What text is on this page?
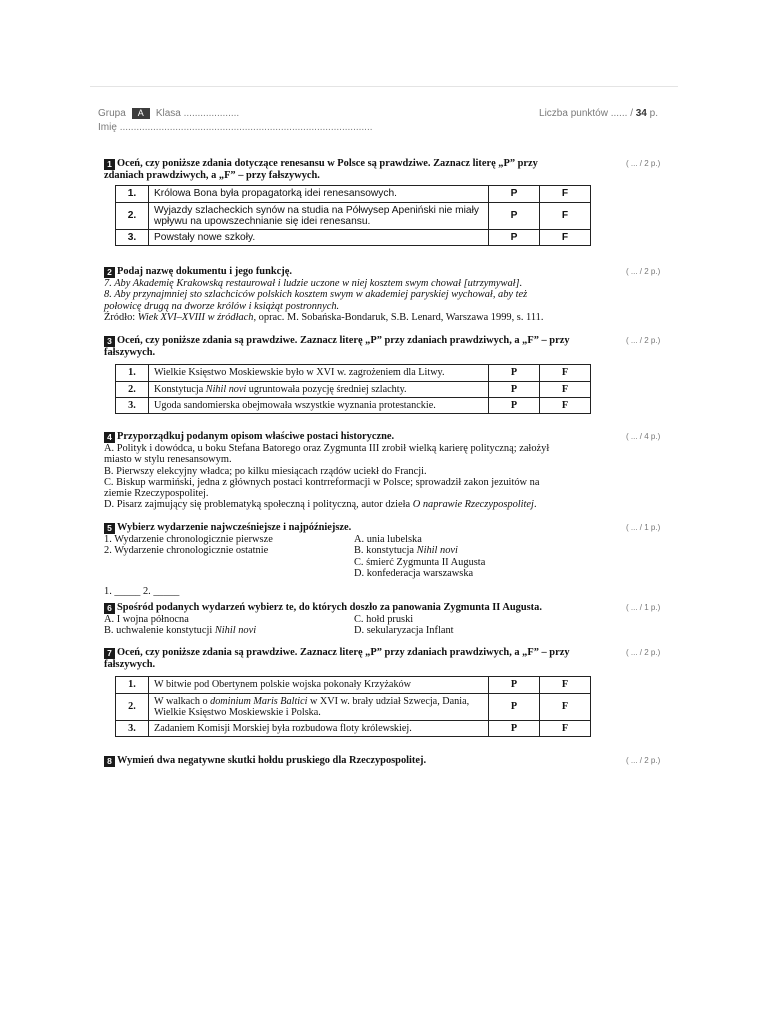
Grupa	A	Klasa
....................	Liczba punktów ...... / 34 p.
Imię
...........................................................................................

1 Oceń, czy poniższe zdania dotyczące renesansu w Polsce są prawdziwe. Zaznacz literę „P” przy

zdaniach prawdziwych, a „F” – przy fałszywych.

( ... / 2 p.)
1.	Królowa Bona była propagatorką idei renesansowych.	P	F
2.	Wyjazdy szlacheckich synów na studia na Półwysep Apeniński nie miały
wpływu na upowszechnianie się idei renesansu.	P	F
3.	Powstały nowe szkoły.	P	F

2 Podaj nazwę dokumentu i jego funkcję.	( ... / 2 p.)

7. Aby Akademię Krakowską restaurował i ludzie uczone w niej kosztem swym chował [utrzymywał].

8. Aby przynajmniej sto szlachciców polskich kosztem swym w akademiej paryskiej wychował, aby też

połowicę drugą na dworze królów i książąt postronnych.

Źródło: Wiek XVI–XVIII w źródłach, oprac. M. Sobańska-Bondaruk, S.B. Lenard, Warszawa 1999, s. 111.

3 Oceń, czy poniższe zdania są prawdziwe. Zaznacz literę „P” przy zdaniach prawdziwych, a „F” – przy

fałszywych.

( ... / 2 p.)
1.	Wielkie Księstwo Moskiewskie było w XVI w. zagrożeniem dla Litwy.	P	F
2.	Konstytucja Nihil novi ugruntowała pozycję średniej szlachty.	P	F
3.	Ugoda sandomierska obejmowała wszystkie wyznania protestanckie.	P	F

4 Przyporządkuj podanym opisom właściwe postaci historyczne.	( ... / 4 p.)

A. Polityk i dowódca, u boku Stefana Batorego oraz Zygmunta III zrobił wielką karierę polityczną; założył

miasto w stylu renesansowym.

B. Pierwszy elekcyjny władca; po kilku miesiącach rządów uciekł do Francji.

C. Biskup warmiński, jedna z głównych postaci kontrreformacji w Polsce; sprowadził zakon jezuitów na

ziemie Rzeczypospolitej.

D. Pisarz zajmujący się problematyką społeczną i polityczną, autor dzieła O naprawie Rzeczypospolitej.

5 Wybierz wydarzenie najwcześniejsze i najpóźniejsze.	( ... / 1 p.)

1. Wydarzenie chronologicznie pierwsze

2. Wydarzenie chronologicznie ostatnie

A. unia lubelska

B. konstytucja Nihil novi

C. śmierć Zygmunta II Augusta

D. konfederacja warszawska

1. _____ 2. _____

6 Spośród podanych wydarzeń wybierz te, do których doszło za panowania Zygmunta II Augusta.	( ... / 1 p.)

A. I wojna północna

B. uchwalenie konstytucji Nihil novi

C. hołd pruski

D. sekularyzacja Inflant

7 Oceń, czy poniższe zdania są prawdziwe. Zaznacz literę „P” przy zdaniach prawdziwych, a „F” – przy

fałszywych.

( ... / 2 p.)
1.	W bitwie pod Obertynem polskie wojska pokonały Krzyżaków	P	F
2.	W walkach o dominium Maris Baltici w XVI w. brały udział Szwecja, Dania,
Wielkie Księstwo Moskiewskie i Polska.	P	F
3.	Zadaniem Komisji Morskiej była rozbudowa floty królewskiej.	P	F

8 Wymień dwa negatywne skutki hołdu pruskiego dla Rzeczypospolitej.	( ... / 2 p.)
